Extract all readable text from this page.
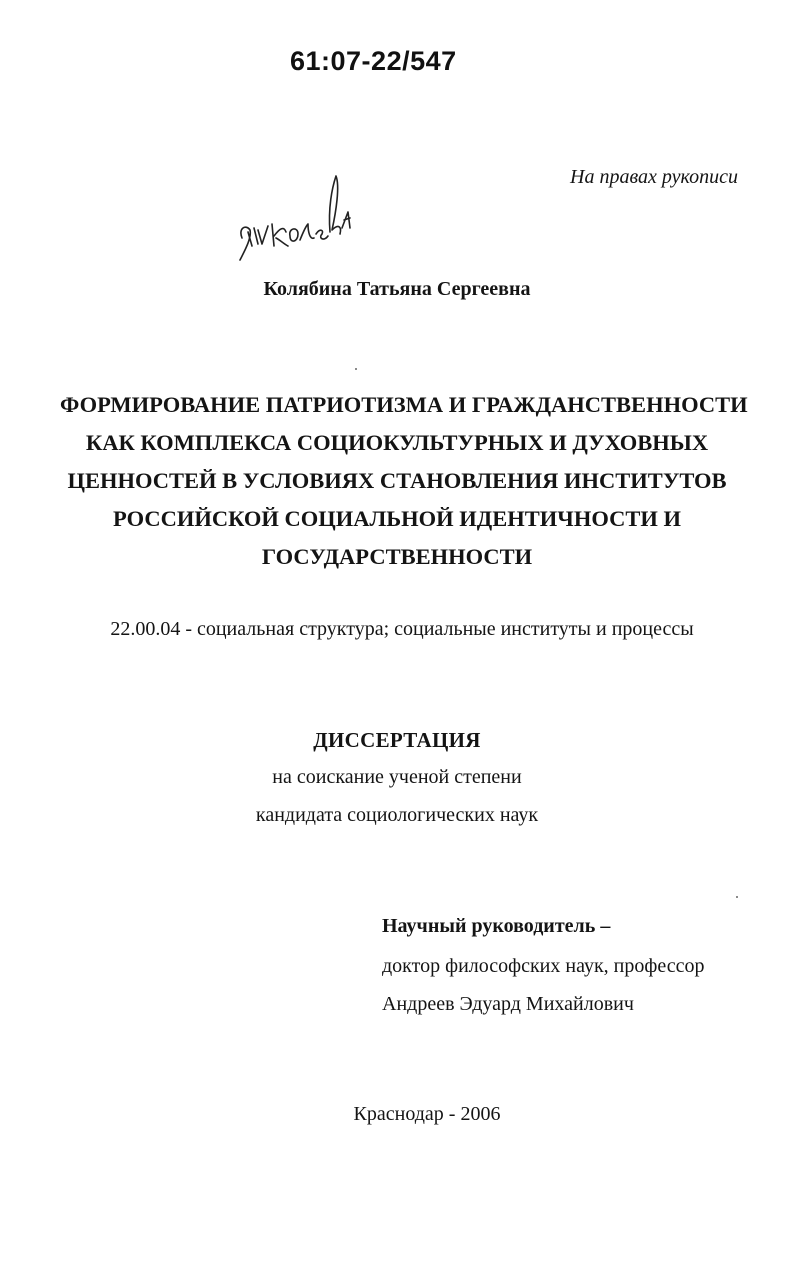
61:07-22/547
На правах рукописи
Колябина Татьяна Сергеевна
ФОРМИРОВАНИЕ ПАТРИОТИЗМА И ГРАЖДАНСТВЕННОСТИ
КАК КОМПЛЕКСА СОЦИОКУЛЬТУРНЫХ И ДУХОВНЫХ
ЦЕННОСТЕЙ В УСЛОВИЯХ СТАНОВЛЕНИЯ ИНСТИТУТОВ
РОССИЙСКОЙ СОЦИАЛЬНОЙ ИДЕНТИЧНОСТИ И
ГОСУДАРСТВЕННОСТИ
22.00.04 - социальная структура; социальные институты и процессы
ДИССЕРТАЦИЯ
на соискание ученой степени
кандидата социологических наук
Научный руководитель –
доктор философских наук, профессор
Андреев Эдуард Михайлович
Краснодар - 2006
